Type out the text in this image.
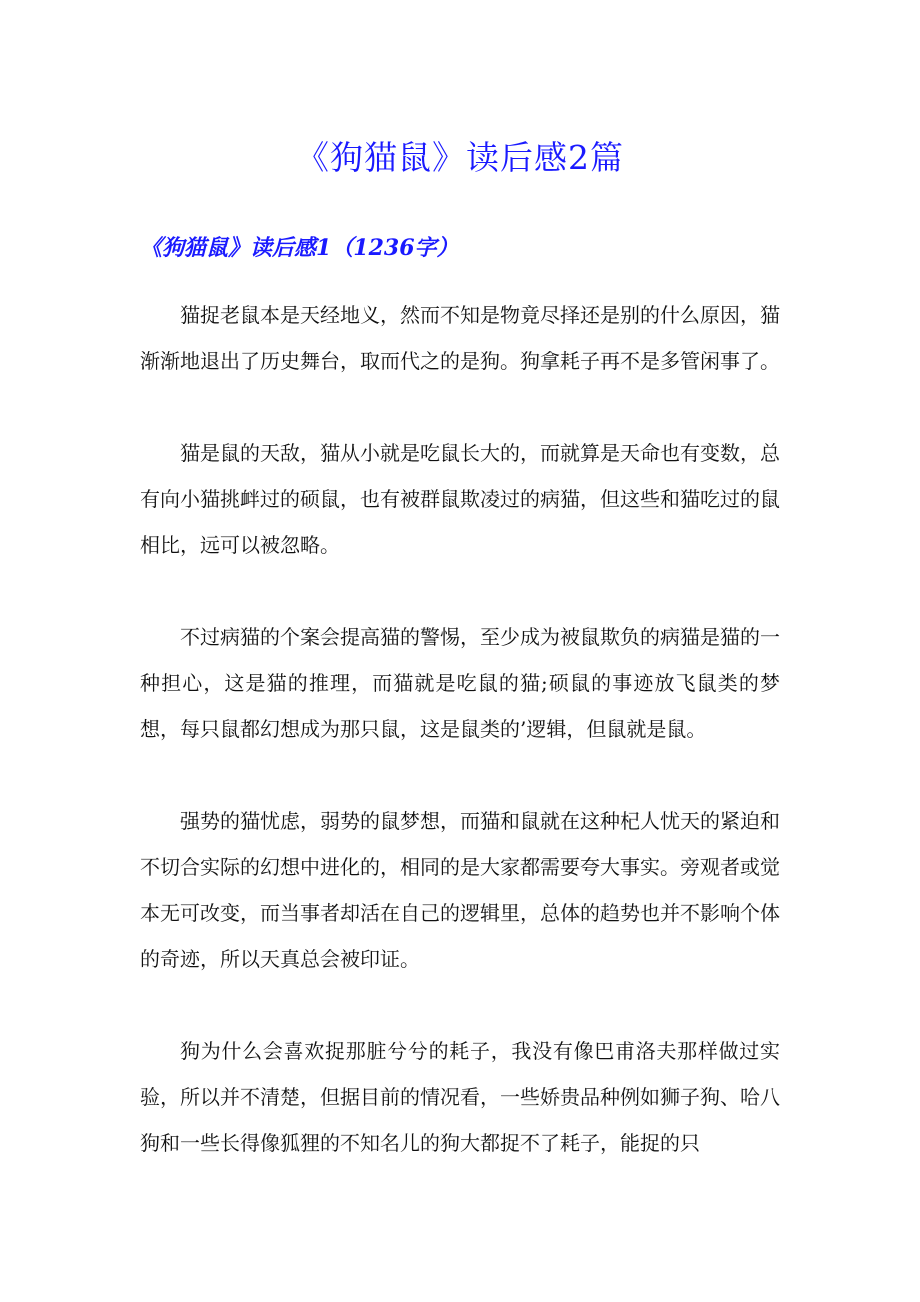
《狗猫鼠》读后感2篇
《狗猫鼠》读后感1（1236字）

猫捉老鼠本是天经地义，然而不知是物竟尽择还是别的什么原因，猫渐渐地退出了历史舞台，取而代之的是狗。狗拿耗子再不是多管闲事了。

猫是鼠的天敌，猫从小就是吃鼠长大的，而就算是天命也有变数，总有向小猫挑衅过的硕鼠，也有被群鼠欺凌过的病猫，但这些和猫吃过的鼠相比，远可以被忽略。

不过病猫的个案会提高猫的警惕，至少成为被鼠欺负的病猫是猫的一种担心，这是猫的推理，而猫就是吃鼠的猫;硕鼠的事迹放飞鼠类的梦想，每只鼠都幻想成为那只鼠，这是鼠类的’逻辑，但鼠就是鼠。

强势的猫忧虑，弱势的鼠梦想，而猫和鼠就在这种杞人忧天的紧迫和不切合实际的幻想中进化的，相同的是大家都需要夸大事实。旁观者或觉本无可改变，而当事者却活在自己的逻辑里，总体的趋势也并不影响个体的奇迹，所以天真总会被印证。

狗为什么会喜欢捉那脏兮兮的耗子，我没有像巴甫洛夫那样做过实验，所以并不清楚，但据目前的情况看，一些娇贵品种例如狮子狗、哈八狗和一些长得像狐狸的不知名儿的狗大都捉不了耗子，能捉的只
